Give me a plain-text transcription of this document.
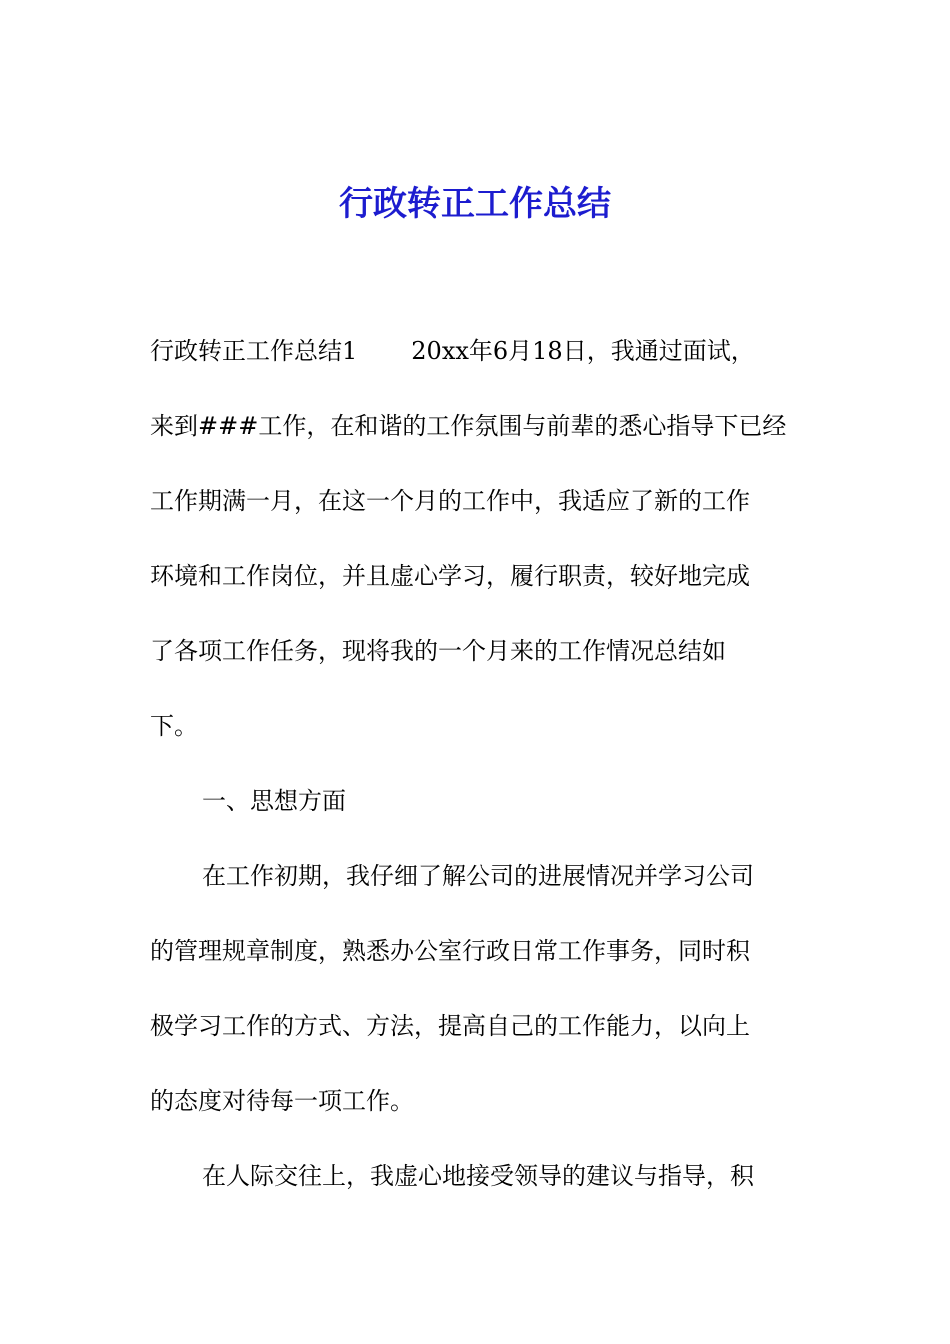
行政转正工作总结
行政转正工作总结1 20xx年6月18日，我通过面试，
来到###工作，在和谐的工作氛围与前辈的悉心指导下已经
工作期满一月，在这一个月的工作中，我适应了新的工作
环境和工作岗位，并且虚心学习，履行职责，较好地完成
了各项工作任务，现将我的一个月来的工作情况总结如
下。
一、思想方面
在工作初期，我仔细了解公司的进展情况并学习公司
的管理规章制度，熟悉办公室行政日常工作事务，同时积
极学习工作的方式、方法，提高自己的工作能力，以向上
的态度对待每一项工作。
在人际交往上，我虚心地接受领导的建议与指导，积
